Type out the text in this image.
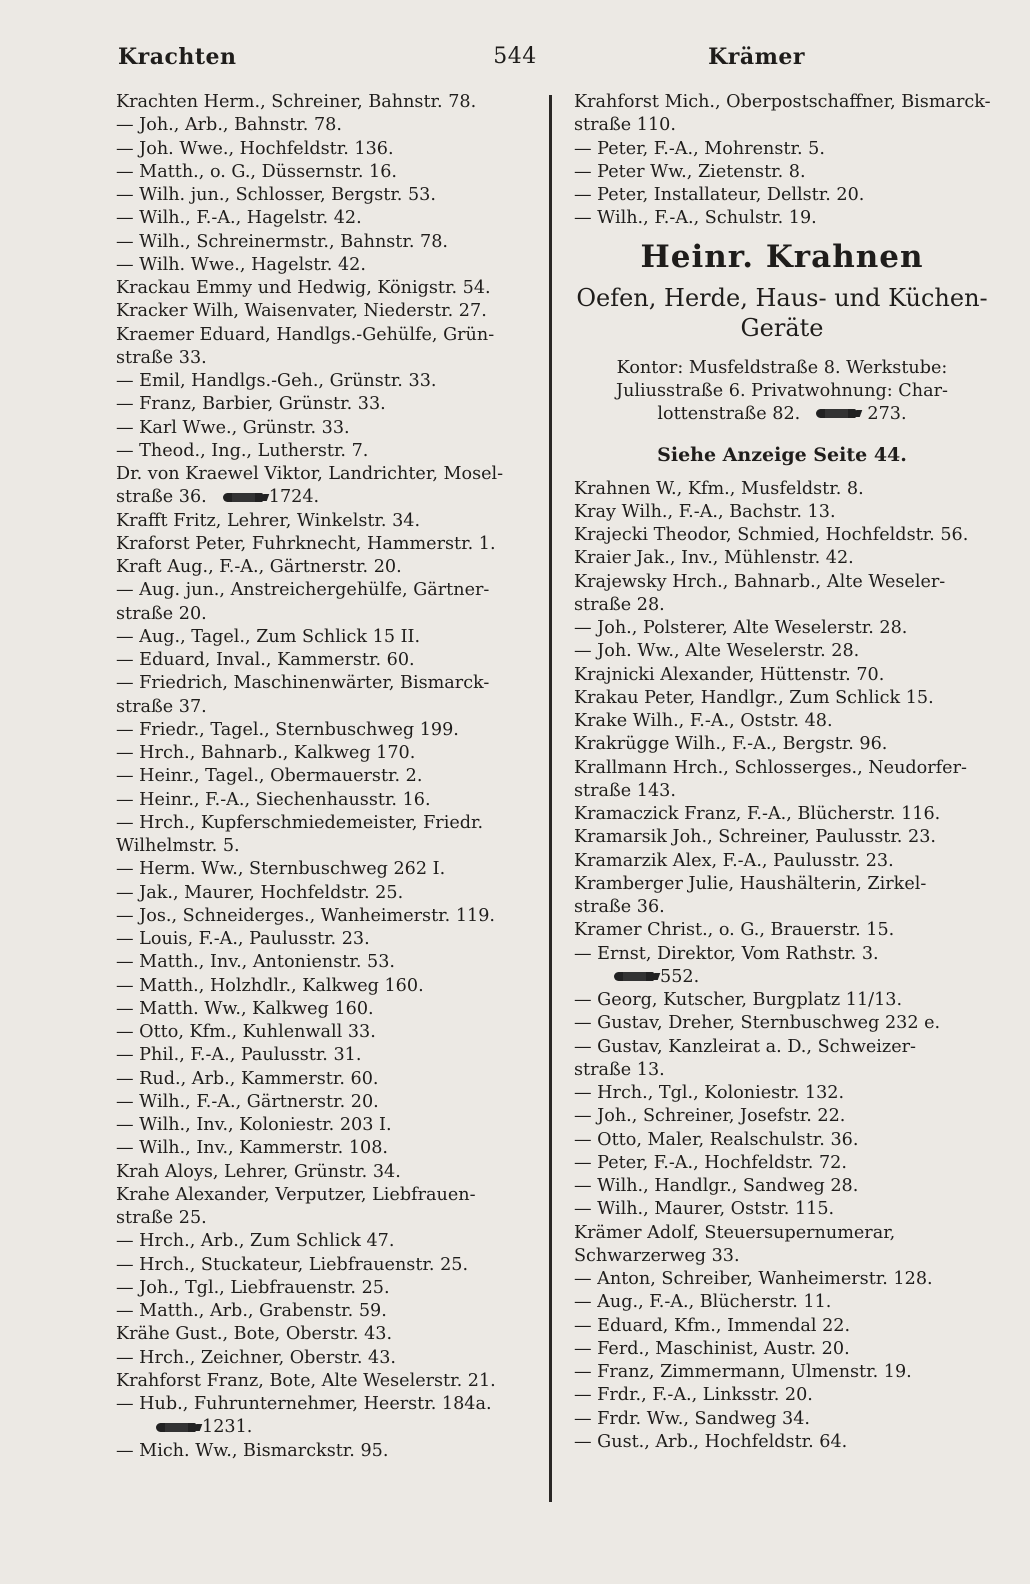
Krachten	544	Krämer
Krachten Herm., Schreiner, Bahnstr. 78.
— Joh., Arb., Bahnstr. 78.
— Joh. Wwe., Hochfeldstr. 136.
— Matth., o. G., Düssernstr. 16.
— Wilh. jun., Schlosser, Bergstr. 53.
— Wilh., F.-A., Hagelstr. 42.
— Wilh., Schreinermstr., Bahnstr. 78.
— Wilh. Wwe., Hagelstr. 42.
Krackau Emmy und Hedwig, Königstr. 54.
Kracker Wilh, Waisenvater, Niederstr. 27.
Kraemer Eduard, Handlgs.-Gehülfe, Grün-
straße 33.
— Emil, Handlgs.-Geh., Grünstr. 33.
— Franz, Barbier, Grünstr. 33.
— Karl Wwe., Grünstr. 33.
— Theod., Ing., Lutherstr. 7.
Dr. von Kraewel Viktor, Landrichter, Mosel-
straße 36.	1724.
Krafft Fritz, Lehrer, Winkelstr. 34.
Kraforst Peter, Fuhrknecht, Hammerstr. 1.
Kraft Aug., F.-A., Gärtnerstr. 20.
— Aug. jun., Anstreichergehülfe, Gärtner-
straße 20.
— Aug., Tagel., Zum Schlick 15 II.
— Eduard, Inval., Kammerstr. 60.
— Friedrich, Maschinenwärter, Bismarck-
straße 37.
— Friedr., Tagel., Sternbuschweg 199.
— Hrch., Bahnarb., Kalkweg 170.
— Heinr., Tagel., Obermauerstr. 2.
— Heinr., F.-A., Siechenhausstr. 16.
— Hrch., Kupferschmiedemeister, Friedr.
Wilhelmstr. 5.
— Herm. Ww., Sternbuschweg 262 I.
— Jak., Maurer, Hochfeldstr. 25.
— Jos., Schneiderges., Wanheimerstr. 119.
— Louis, F.-A., Paulusstr. 23.
— Matth., Inv., Antonienstr. 53.
— Matth., Holzhdlr., Kalkweg 160.
— Matth. Ww., Kalkweg 160.
— Otto, Kfm., Kuhlenwall 33.
— Phil., F.-A., Paulusstr. 31.
— Rud., Arb., Kammerstr. 60.
— Wilh., F.-A., Gärtnerstr. 20.
— Wilh., Inv., Koloniestr. 203 I.
— Wilh., Inv., Kammerstr. 108.
Krah Aloys, Lehrer, Grünstr. 34.
Krahe Alexander, Verputzer, Liebfrauen-
straße 25.
— Hrch., Arb., Zum Schlick 47.
— Hrch., Stuckateur, Liebfrauenstr. 25.
— Joh., Tgl., Liebfrauenstr. 25.
— Matth., Arb., Grabenstr. 59.
Krähe Gust., Bote, Oberstr. 43.
— Hrch., Zeichner, Oberstr. 43.
Krahforst Franz, Bote, Alte Weselerstr. 21.
— Hub., Fuhrunternehmer, Heerstr. 184a.
1231.
— Mich. Ww., Bismarckstr. 95.
Krahforst Mich., Oberpostschaffner, Bismarck-
straße 110.
— Peter, F.-A., Mohrenstr. 5.
— Peter Ww., Zietenstr. 8.
— Peter, Installateur, Dellstr. 20.
— Wilh., F.-A., Schulstr. 19.
Heinr. Krahnen
Oefen, Herde, Haus- und Küchen-
Geräte
Kontor: Musfeldstraße 8. Werkstube:
Juliusstraße 6. Privatwohnung: Char-
lottenstraße 82.	273.
Siehe Anzeige Seite 44.
Krahnen W., Kfm., Musfeldstr. 8.
Kray Wilh., F.-A., Bachstr. 13.
Krajecki Theodor, Schmied, Hochfeldstr. 56.
Kraier Jak., Inv., Mühlenstr. 42.
Krajewsky Hrch., Bahnarb., Alte Weseler-
straße 28.
— Joh., Polsterer, Alte Weselerstr. 28.
— Joh. Ww., Alte Weselerstr. 28.
Krajnicki Alexander, Hüttenstr. 70.
Krakau Peter, Handlgr., Zum Schlick 15.
Krake Wilh., F.-A., Oststr. 48.
Krakrügge Wilh., F.-A., Bergstr. 96.
Krallmann Hrch., Schlosserges., Neudorfer-
straße 143.
Kramaczick Franz, F.-A., Blücherstr. 116.
Kramarsik Joh., Schreiner, Paulusstr. 23.
Kramarzik Alex, F.-A., Paulusstr. 23.
Kramberger Julie, Haushälterin, Zirkel-
straße 36.
Kramer Christ., o. G., Brauerstr. 15.
— Ernst, Direktor, Vom Rathstr. 3.
552.
— Georg, Kutscher, Burgplatz 11/13.
— Gustav, Dreher, Sternbuschweg 232 e.
— Gustav, Kanzleirat a. D., Schweizer-
straße 13.
— Hrch., Tgl., Koloniestr. 132.
— Joh., Schreiner, Josefstr. 22.
— Otto, Maler, Realschulstr. 36.
— Peter, F.-A., Hochfeldstr. 72.
— Wilh., Handlgr., Sandweg 28.
— Wilh., Maurer, Oststr. 115.
Krämer Adolf, Steuersupernumerar,
Schwarzerweg 33.
— Anton, Schreiber, Wanheimerstr. 128.
— Aug., F.-A., Blücherstr. 11.
— Eduard, Kfm., Immendal 22.
— Ferd., Maschinist, Austr. 20.
— Franz, Zimmermann, Ulmenstr. 19.
— Frdr., F.-A., Linksstr. 20.
— Frdr. Ww., Sandweg 34.
— Gust., Arb., Hochfeldstr. 64.
